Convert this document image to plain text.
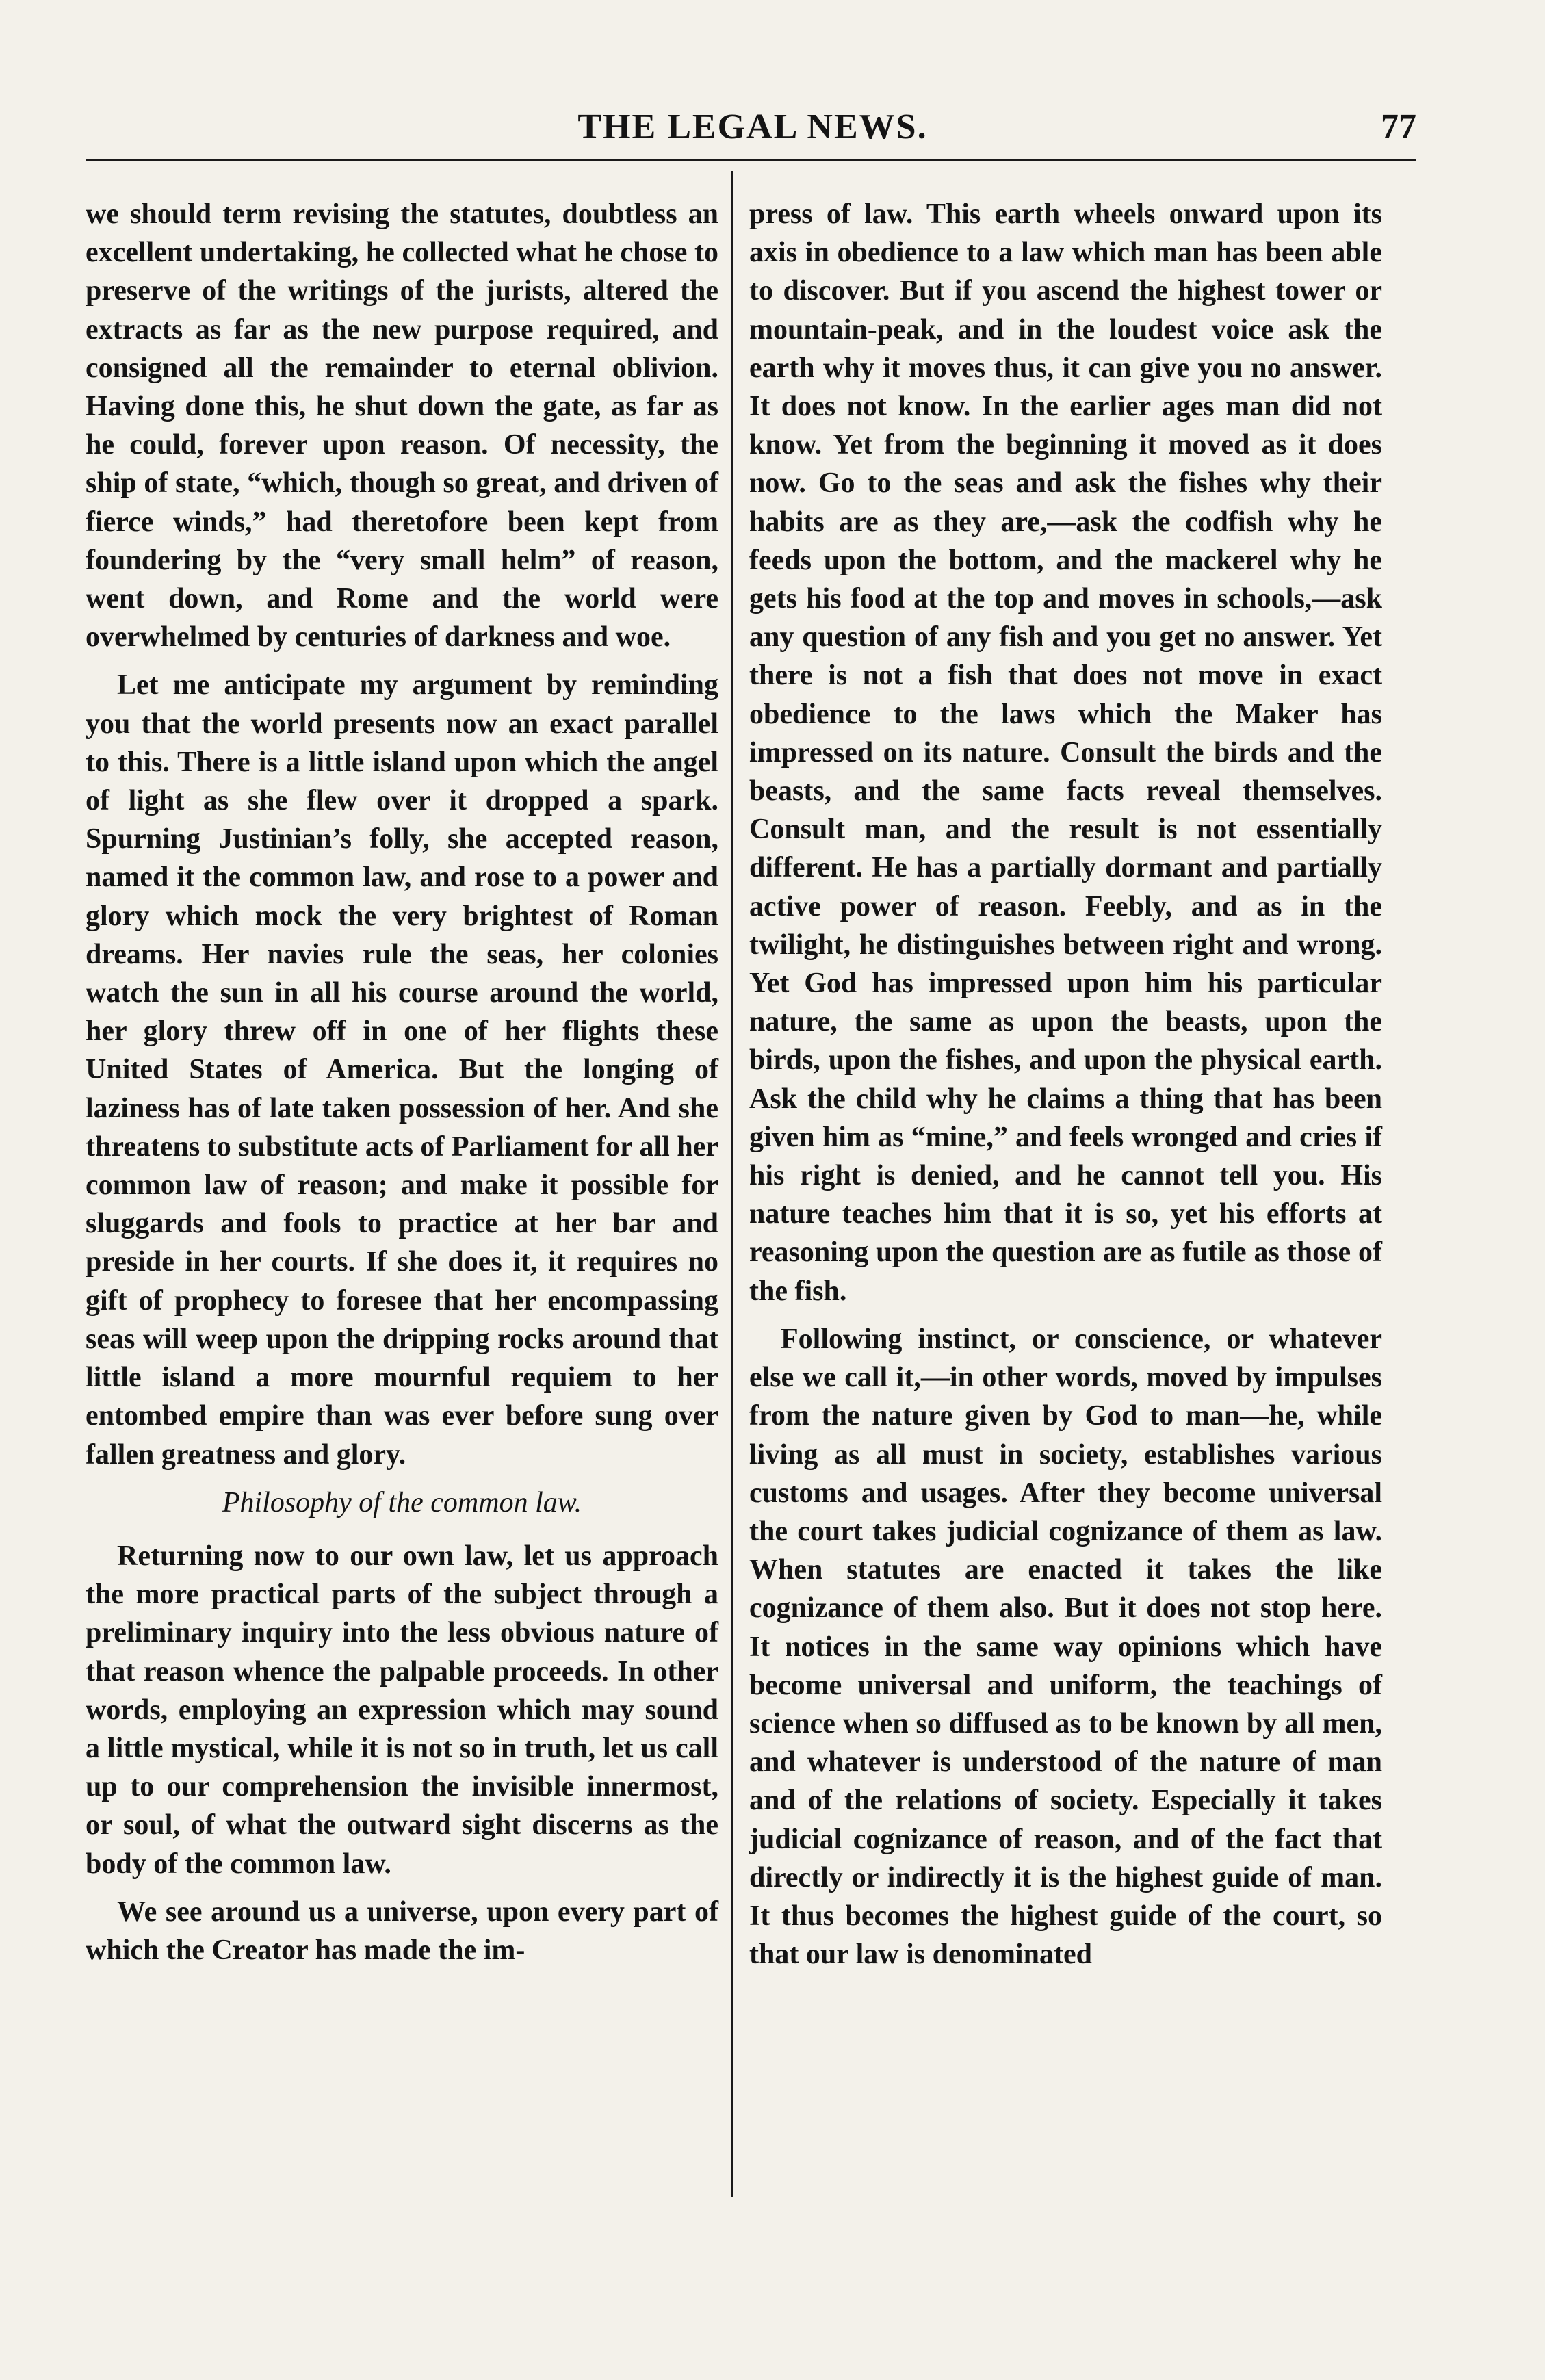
THE LEGAL NEWS.	77

we should term revising the statutes, doubtless an excellent undertaking, he collected what he chose to preserve of the writings of the jurists, altered the extracts as far as the new purpose required, and consigned all the remainder to eternal oblivion. Having done this, he shut down the gate, as far as he could, forever upon reason. Of necessity, the ship of state, “which, though so great, and driven of fierce winds,” had theretofore been kept from foundering by the “very small helm” of reason, went down, and Rome and the world were overwhelmed by centuries of darkness and woe.

Let me anticipate my argument by reminding you that the world presents now an exact parallel to this. There is a little island upon which the angel of light as she flew over it dropped a spark. Spurning Justinian’s folly, she accepted reason, named it the common law, and rose to a power and glory which mock the very brightest of Roman dreams. Her navies rule the seas, her colonies watch the sun in all his course around the world, her glory threw off in one of her flights these United States of America. But the longing of laziness has of late taken possession of her. And she threatens to substitute acts of Parliament for all her common law of reason; and make it possible for sluggards and fools to practice at her bar and preside in her courts. If she does it, it requires no gift of prophecy to foresee that her encompassing seas will weep upon the dripping rocks around that little island a more mournful requiem to her entombed empire than was ever before sung over fallen greatness and glory.

Philosophy of the common law.

Returning now to our own law, let us approach the more practical parts of the subject through a preliminary inquiry into the less obvious nature of that reason whence the palpable proceeds. In other words, employing an expression which may sound a little mystical, while it is not so in truth, let us call up to our comprehension the invisible innermost, or soul, of what the outward sight discerns as the body of the common law.

We see around us a universe, upon every part of which the Creator has made the im-

press of law. This earth wheels onward upon its axis in obedience to a law which man has been able to discover. But if you ascend the highest tower or mountain-peak, and in the loudest voice ask the earth why it moves thus, it can give you no answer. It does not know. In the earlier ages man did not know. Yet from the beginning it moved as it does now. Go to the seas and ask the fishes why their habits are as they are,—ask the codfish why he feeds upon the bottom, and the mackerel why he gets his food at the top and moves in schools,—ask any question of any fish and you get no answer. Yet there is not a fish that does not move in exact obedience to the laws which the Maker has impressed on its nature. Consult the birds and the beasts, and the same facts reveal themselves. Consult man, and the result is not essentially different. He has a partially dormant and partially active power of reason. Feebly, and as in the twilight, he distinguishes between right and wrong. Yet God has impressed upon him his particular nature, the same as upon the beasts, upon the birds, upon the fishes, and upon the physical earth. Ask the child why he claims a thing that has been given him as “mine,” and feels wronged and cries if his right is denied, and he cannot tell you. His nature teaches him that it is so, yet his efforts at reasoning upon the question are as futile as those of the fish.

Following instinct, or conscience, or whatever else we call it,—in other words, moved by impulses from the nature given by God to man—he, while living as all must in society, establishes various customs and usages. After they become universal the court takes judicial cognizance of them as law. When statutes are enacted it takes the like cognizance of them also. But it does not stop here. It notices in the same way opinions which have become universal and uniform, the teachings of science when so diffused as to be known by all men, and whatever is understood of the nature of man and of the relations of society. Especially it takes judicial cognizance of reason, and of the fact that directly or indirectly it is the highest guide of man. It thus becomes the highest guide of the court, so that our law is denominated
